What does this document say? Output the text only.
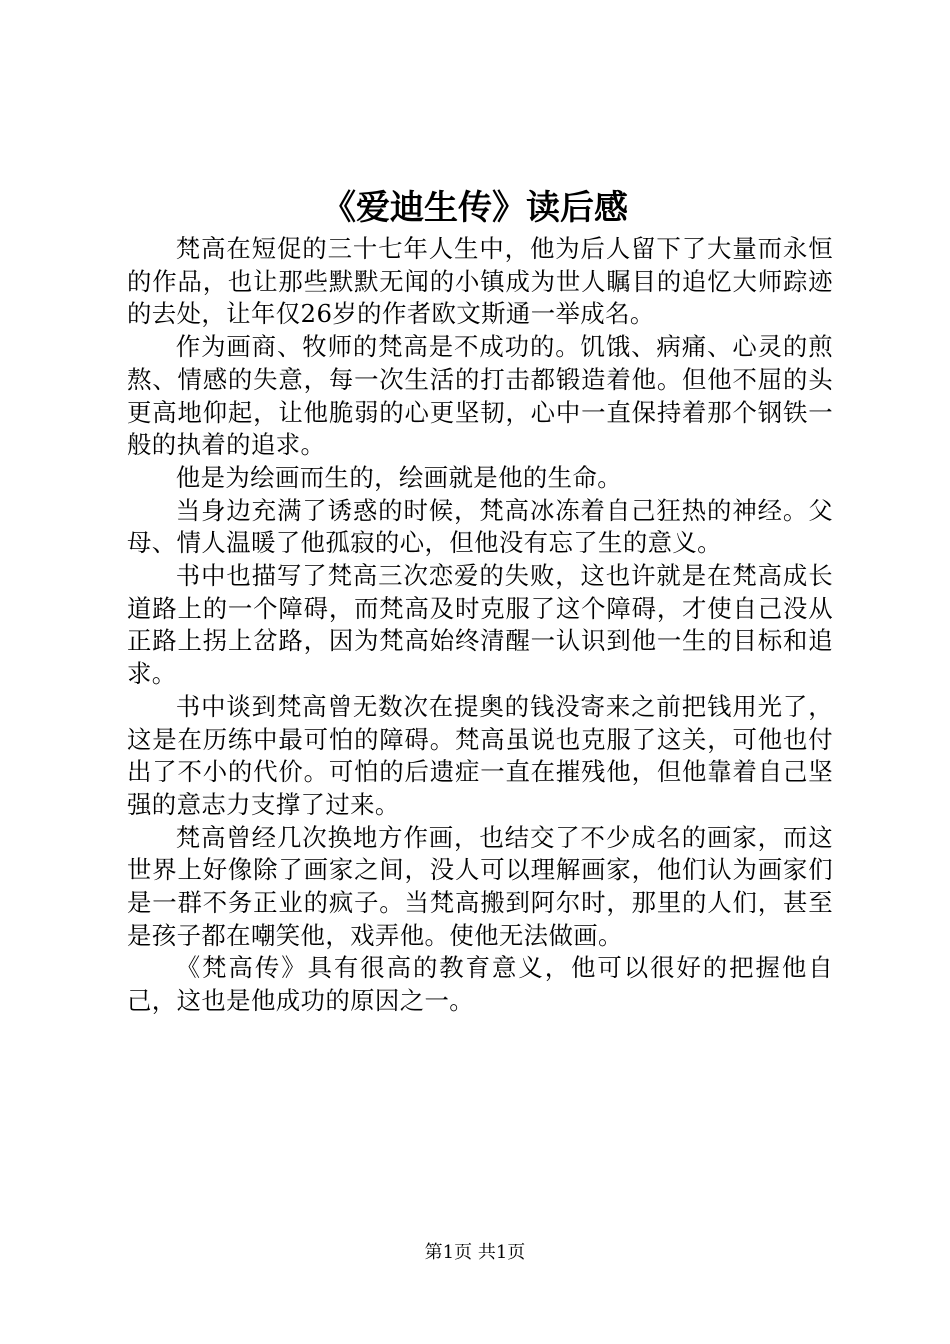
《爱迪生传》读后感

梵高在短促的三十七年人生中，他为后人留下了大量而永恒的作品，也让那些默默无闻的小镇成为世人瞩目的追忆大师踪迹的去处，让年仅26岁的作者欧文斯通一举成名。

作为画商、牧师的梵高是不成功的。饥饿、病痛、心灵的煎熬、情感的失意，每一次生活的打击都锻造着他。但他不屈的头更高地仰起，让他脆弱的心更坚韧，心中一直保持着那个钢铁一般的执着的追求。

他是为绘画而生的，绘画就是他的生命。

当身边充满了诱惑的时候，梵高冰冻着自己狂热的神经。父母、情人温暖了他孤寂的心，但他没有忘了生的意义。

书中也描写了梵高三次恋爱的失败，这也许就是在梵高成长道路上的一个障碍，而梵高及时克服了这个障碍，才使自己没从正路上拐上岔路，因为梵高始终清醒一认识到他一生的目标和追求。

书中谈到梵高曾无数次在提奥的钱没寄来之前把钱用光了，这是在历练中最可怕的障碍。梵高虽说也克服了这关，可他也付出了不小的代价。可怕的后遗症一直在摧残他，但他靠着自己坚强的意志力支撑了过来。

梵高曾经几次换地方作画，也结交了不少成名的画家，而这世界上好像除了画家之间，没人可以理解画家，他们认为画家们是一群不务正业的疯子。当梵高搬到阿尔时，那里的人们，甚至是孩子都在嘲笑他，戏弄他。使他无法做画。

《梵高传》具有很高的教育意义，他可以很好的把握他自己，这也是他成功的原因之一。

第1页 共1页
